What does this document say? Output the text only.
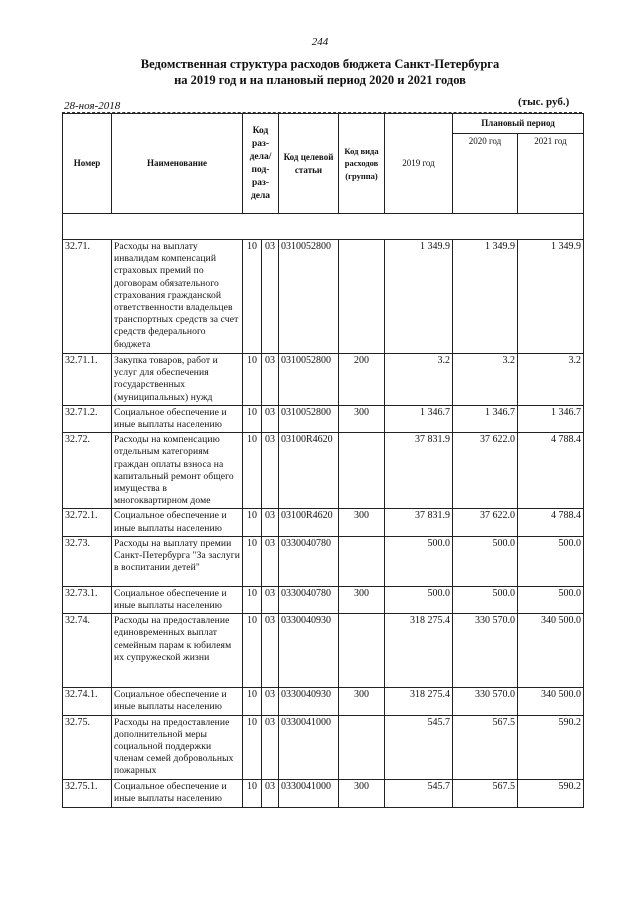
244
Ведомственная структура расходов бюджета Санкт-Петербурга
на 2019 год и на плановый период 2020 и 2021 годов
28-ноя-2018	(тыс. руб.)
Номер	Наименование	Код раз-дела/ под-раз-дела		Код целевой статьи	Код вида расходов (группа)	2019 год	Плановый период	
							2020 год	2021 год

32.71.	Расходы на выплату инвалидам компенсаций страховых премий по договорам обязательного страхования гражданской ответственности владельцев транспортных средств за счет средств федерального бюджета	10	03	0310052800		1 349.9	1 349.9	1 349.9
32.71.1.	Закупка товаров, работ и услуг для обеспечения государственных (муниципальных) нужд	10	03	0310052800	200	3.2	3.2	3.2
32.71.2.	Социальное обеспечение и иные выплаты населению	10	03	0310052800	300	1 346.7	1 346.7	1 346.7
32.72.	Расходы на компенсацию отдельным категориям граждан оплаты взноса на капитальный ремонт общего имущества в многоквартирном доме	10	03	03100R4620		37 831.9	37 622.0	4 788.4
32.72.1.	Социальное обеспечение и иные выплаты населению	10	03	03100R4620	300	37 831.9	37 622.0	4 788.4
32.73.	Расходы на выплату премии Санкт-Петербурга "За заслуги в воспитании детей"	10	03	0330040780		500.0	500.0	500.0
32.73.1.	Социальное обеспечение и иные выплаты населению	10	03	0330040780	300	500.0	500.0	500.0
32.74.	Расходы на предоставление единовременных выплат семейным парам к юбилеям их супружеской жизни	10	03	0330040930		318 275.4	330 570.0	340 500.0
32.74.1.	Социальное обеспечение и иные выплаты населению	10	03	0330040930	300	318 275.4	330 570.0	340 500.0
32.75.	Расходы на предоставление дополнительной меры социальной поддержки членам семей добровольных пожарных	10	03	0330041000		545.7	567.5	590.2
32.75.1.	Социальное обеспечение и иные выплаты населению	10	03	0330041000	300	545.7	567.5	590.2
